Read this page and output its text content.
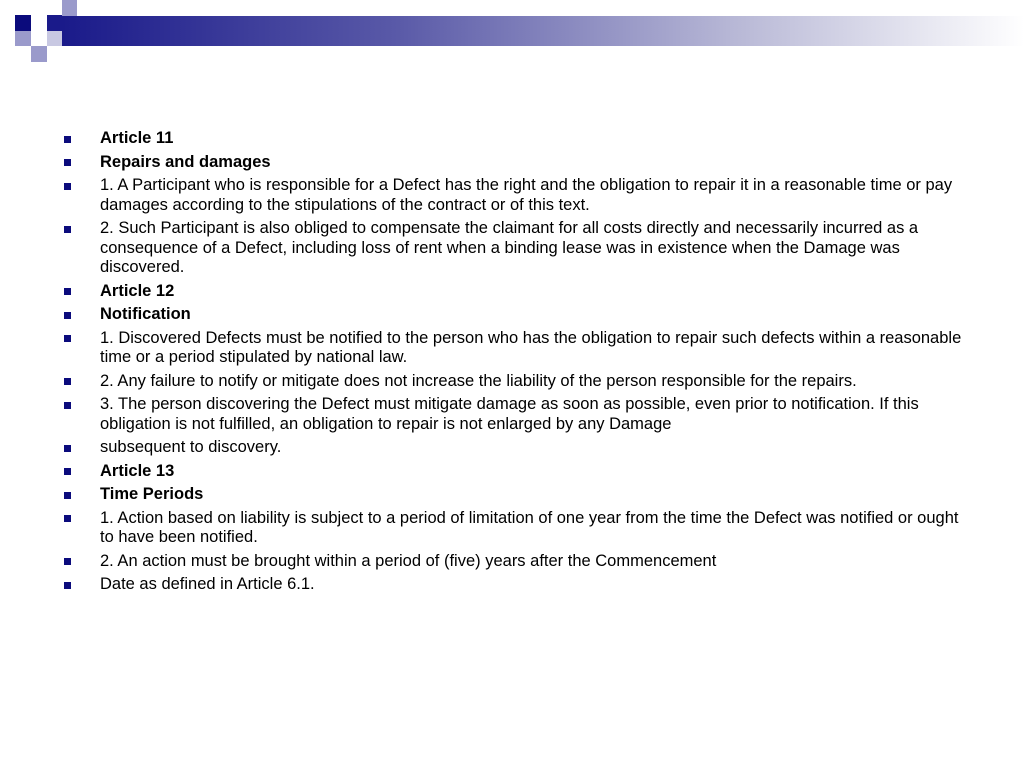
Article 11
Repairs and damages
1. A Participant who is responsible for a Defect has the right and the obligation to repair it in a reasonable time or pay damages according to the stipulations of the contract or of this text.
2. Such Participant is also obliged to compensate the claimant for all costs directly and necessarily incurred as a consequence of a Defect, including loss of rent when a binding lease was in existence when the Damage was discovered.
Article 12
Notification
1. Discovered Defects must be notified to the person who has the obligation to repair such defects within a reasonable time or a period stipulated by national law.
2. Any failure to notify or mitigate does not increase the liability of the person responsible for the repairs.
3. The person discovering the Defect must mitigate damage as soon as possible, even prior to notification. If this obligation is not fulfilled, an obligation to repair is not enlarged by any Damage
subsequent to discovery.
Article 13
Time Periods
1. Action based on liability is subject to a period of limitation of one year from the time the Defect was notified or ought to have been notified.
2. An action must be brought within a period of (five) years after the Commencement
Date as defined in Article 6.1.
